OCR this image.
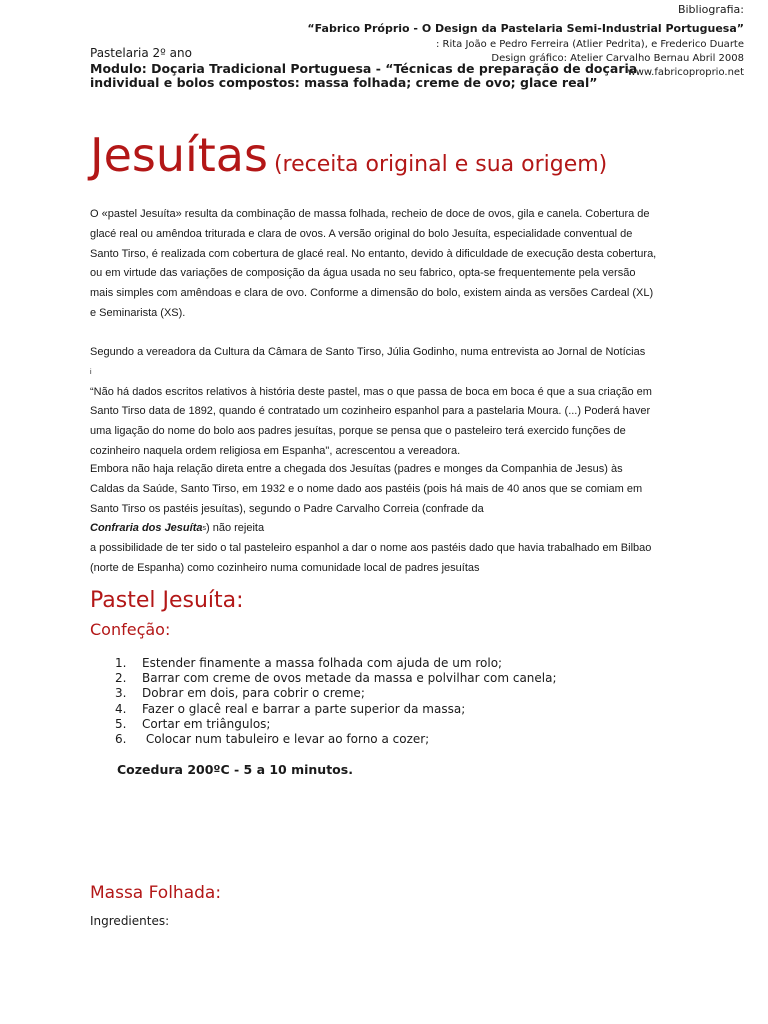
Bibliografia:
“Fabrico Próprio - O Design da Pastelaria Semi-Industrial Portuguesa”
: Rita João e Pedro Ferreira (Atlier Pedrita), e Frederico Duarte
Design gráfico: Atelier Carvalho Bernau Abril 2008
www.fabricoproprio.net
Pastelaria 2º ano
Modulo: Doçaria Tradicional Portuguesa - “Técnicas de preparação de doçaria individual e bolos compostos: massa folhada; creme de ovo; glace real”
Jesuítas (receita original e sua origem)
O «pastel Jesuíta» resulta da combinação de massa folhada, recheio de doce de ovos, gila e canela. Cobertura de
glacé real ou amêndoa triturada e clara de ovos. A versão original do bolo Jesuíta, especialidade conventual de
Santo Tirso, é realizada com cobertura de glacé real. No entanto, devido à dificuldade de execução desta cobertura,
ou em virtude das variações de composição da água usada no seu fabrico, opta-se frequentemente pela versão
mais simples com amêndoas e clara de ovo. Conforme a dimensão do bolo, existem ainda as versões Cardeal (XL)
e Seminarista (XS).
Segundo a vereadora da Cultura da Câmara de Santo Tirso, Júlia Godinho, numa entrevista ao Jornal de Notícias
$^i$
“Não há dados escritos relativos à história deste pastel, mas o que passa de boca em boca é que a sua criação em
Santo Tirso data de 1892, quando é contratado um cozinheiro espanhol para a pastelaria Moura. (...) Poderá haver
uma ligação do nome do bolo aos padres jesuítas, porque se pensa que o pasteleiro terá exercido funções de
cozinheiro naquela ordem religiosa em Espanha", acrescentou a vereadora.
Embora não haja relação direta entre a chegada dos Jesuítas (padres e monges da Companhia de Jesus) às
Caldas da Saúde, Santo Tirso, em 1932 e o nome dado aos pastéis (pois há mais de 40 anos que se comiam em
Santo Tirso os pastéis jesuítas), segundo o Padre Carvalho Correia (confrade da
Confraria dos Jesuíta$^s$) não rejeita
a possibilidade de ter sido o tal pasteleiro espanhol a dar o nome aos pastéis dado que havia trabalhado em Bilbao
(norte de Espanha) como cozinheiro numa comunidade local de padres jesuítas
Pastel Jesuíta:
Confeção:
1.	Estender finamente a massa folhada com ajuda de um rolo;
2.	Barrar com creme de ovos metade da massa e polvilhar com canela;
3.	Dobrar em dois, para cobrir o creme;
4.	Fazer o glacê real e barrar a parte superior da massa;
5.	Cortar em triângulos;
6.	Colocar num tabuleiro e levar ao forno a cozer;
Cozedura 200ºC - 5 a 10 minutos.
Massa Folhada:
Ingredientes:
